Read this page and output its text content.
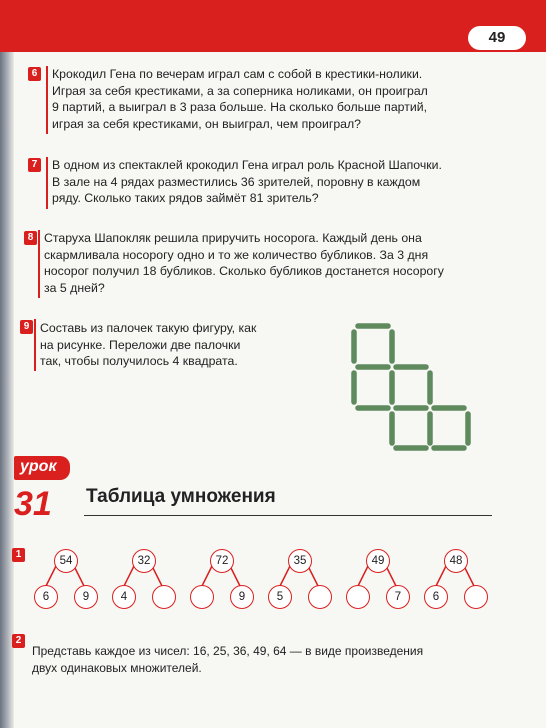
49
6	Крокодил Гена по вечерам играл сам с собой в крестики-нолики.
Играя за себя крестиками, а за соперника ноликами, он проиграл
9 партий, а выиграл в 3 раза больше. На сколько больше партий,
играя за себя крестиками, он выиграл, чем проиграл?
7	В одном из спектаклей крокодил Гена играл роль Красной Шапочки.
В зале на 4 рядах разместились 36 зрителей, поровну в каждом
ряду. Сколько таких рядов займёт 81 зритель?
8 Старуха Шапокляк решила приручить носорога. Каждый день она
скармливала носорогу одно и то же количество бубликов. За 3 дня
носорог получил 18 бубликов. Сколько бубликов достанется носорогу
за 5 дней?
9 Составь из палочек такую фигуру, как
на рисунке. Переложи две палочки
так, чтобы получилось 4 квадрата.
урок
31 Таблица умножения
1
54
6	9
32
4
72
9
35
5
49
7
48
6
2
Представь каждое из чисел: 16, 25, 36, 49, 64 — в виде произведения
двух одинаковых множителей.
